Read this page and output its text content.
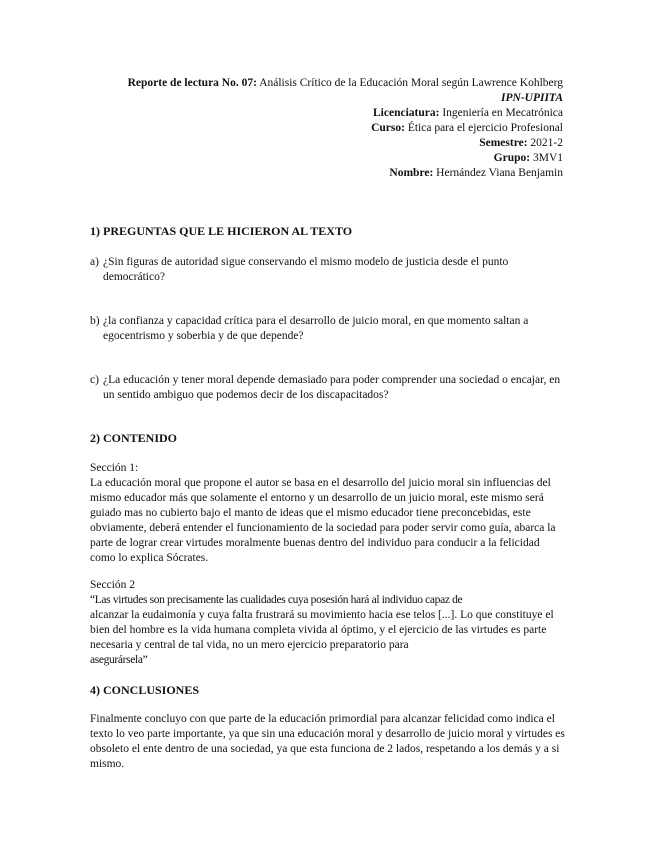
Reporte de lectura No. 07: Análisis Crítico de la Educación Moral según Lawrence Kohlberg
IPN-UPIITA
Licenciatura: Ingeniería en Mecatrónica
Curso: Ética para el ejercicio Profesional
Semestre: 2021-2
Grupo: 3MV1
Nombre: Hernández Viana Benjamin
1) PREGUNTAS QUE LE HICIERON AL TEXTO
a) ¿Sin figuras de autoridad sigue conservando el mismo modelo de justicia desde el punto democrático?
b) ¿la confianza y capacidad crítica para el desarrollo de juicio moral, en que momento saltan a egocentrismo y soberbia y de que depende?
c) ¿La educación y tener moral depende demasiado para poder comprender una sociedad o encajar, en un sentido ambiguo que podemos decir de los discapacitados?
2) CONTENIDO
Sección 1:

La educación moral que propone el autor se basa en el desarrollo del juicio moral sin influencias del mismo educador más que solamente el entorno y un desarrollo de un juicio moral, este mismo será guiado mas no cubierto bajo el manto de ideas que el mismo educador tiene preconcebidas, este obviamente, deberá entender el funcionamiento de la sociedad para poder servir como guía, abarca la parte de lograr crear virtudes moralmente buenas dentro del individuo para conducir a la felicidad como lo explica Sócrates.

Sección 2
“Las virtudes son precisamente las cualidades cuya posesión hará al individuo capaz de
alcanzar la eudaimonía y cuya falta frustrará su movimiento hacia ese telos [...]. Lo que constituye el bien del hombre es la vida humana completa vivida al óptimo, y el ejercicio de las virtudes es parte necesaria y central de tal vida, no un mero ejercicio preparatorio para
asegurársela”
4) CONCLUSIONES

Finalmente concluyo con que parte de la educación primordial para alcanzar felicidad como indica el texto lo veo parte importante, ya que sin una educación moral y desarrollo de juicio moral y virtudes es obsoleto el ente dentro de una sociedad, ya que esta funciona de 2 lados, respetando a los demás y a si mismo.
